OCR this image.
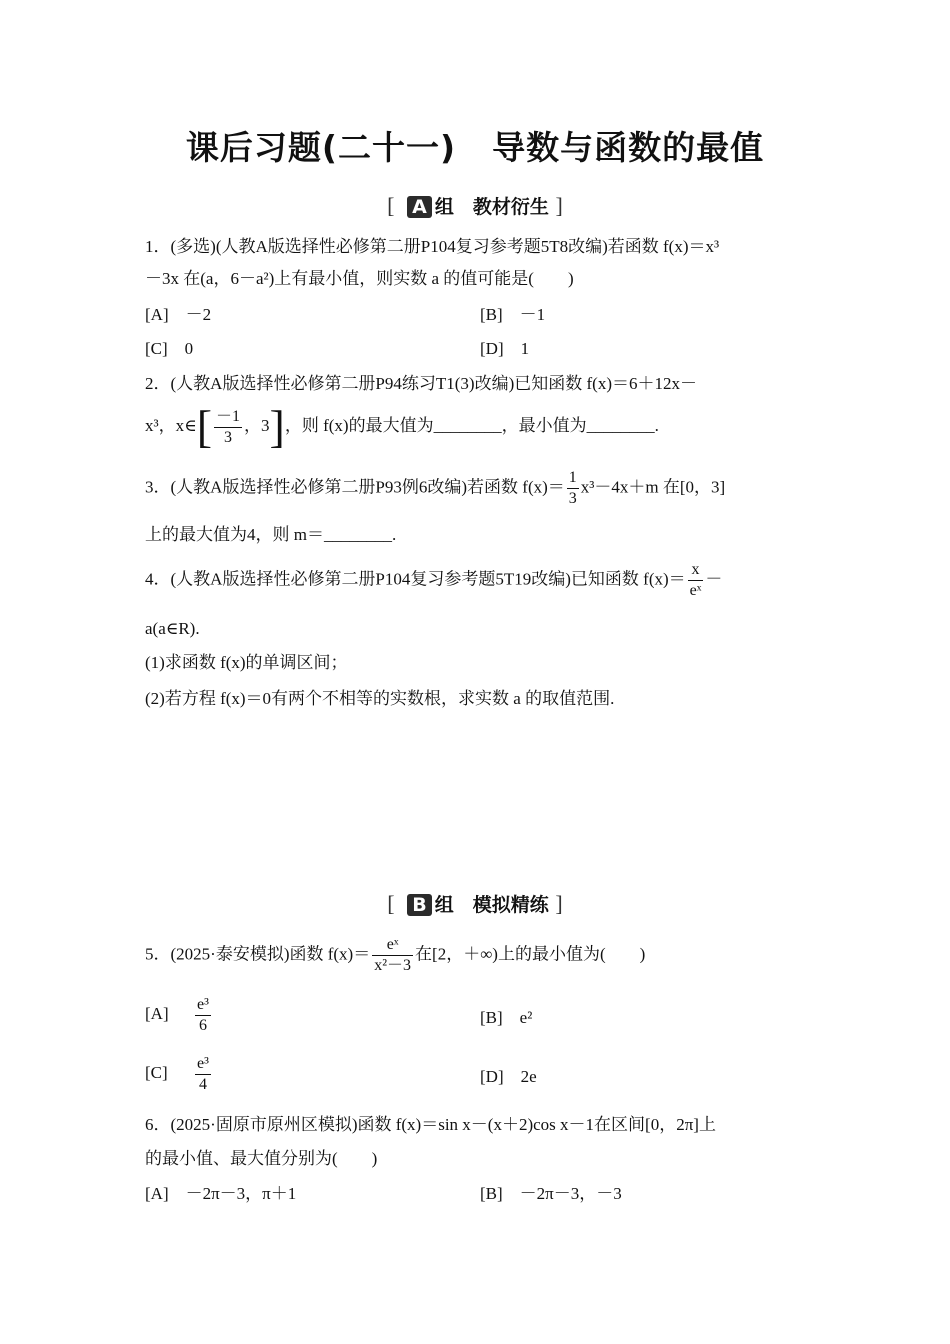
课后习题(二十一) 导数与函数的最值
[ A 组　教材衍生 ]
1．(多选)(人教A版选择性必修第二册P104复习参考题5T8改编)若函数 f(x)＝x³
－3x 在(a，6－a²)上有最小值，则实数 a 的值可能是(　　)
[A]　－2	[B]　－1
[C]　0	[D]　1
2．(人教A版选择性必修第二册P94练习T1(3)改编)已知函数 f(x)＝6＋12x－
x³，x∈[ $\frac{-1}{3}$ ，3]，则 f(x)的最大值为________，最小值为________.
3．(人教A版选择性必修第二册P93例6改编)若函数 $f(x)= \frac{1}{3} x^3-4x+m$ 在[0，3]
上的最大值为4，则 m＝________.
4．(人教A版选择性必修第二册P104复习参考题5T19改编)已知函数 $f(x)= \frac{x}{\text{eˣ}}$ －
a(a∈R).
(1)求函数 f(x)的单调区间；
(2)若方程 f(x)＝0有两个不相等的实数根，求实数 a 的取值范围.
[ B 组　模拟精练 ]
5．(2025·泰安模拟)函数 $f(x)= \frac{\text{eˣ}}{\text{x²－3}}$ 在[2，＋∞)上的最小值为(　　)
$[A] \frac{\text{e³}}{6}$	[B]　e²
$[C] \frac{\text{e³}}{4}$	[D]　2e
6．(2025·固原市原州区模拟)函数 f(x)＝sin x－(x＋2)cos x－1在区间[0，2π]上
的最小值、最大值分别为(　　)
[A]　－2π－3，π＋1	[B]　－2π－3，－3
